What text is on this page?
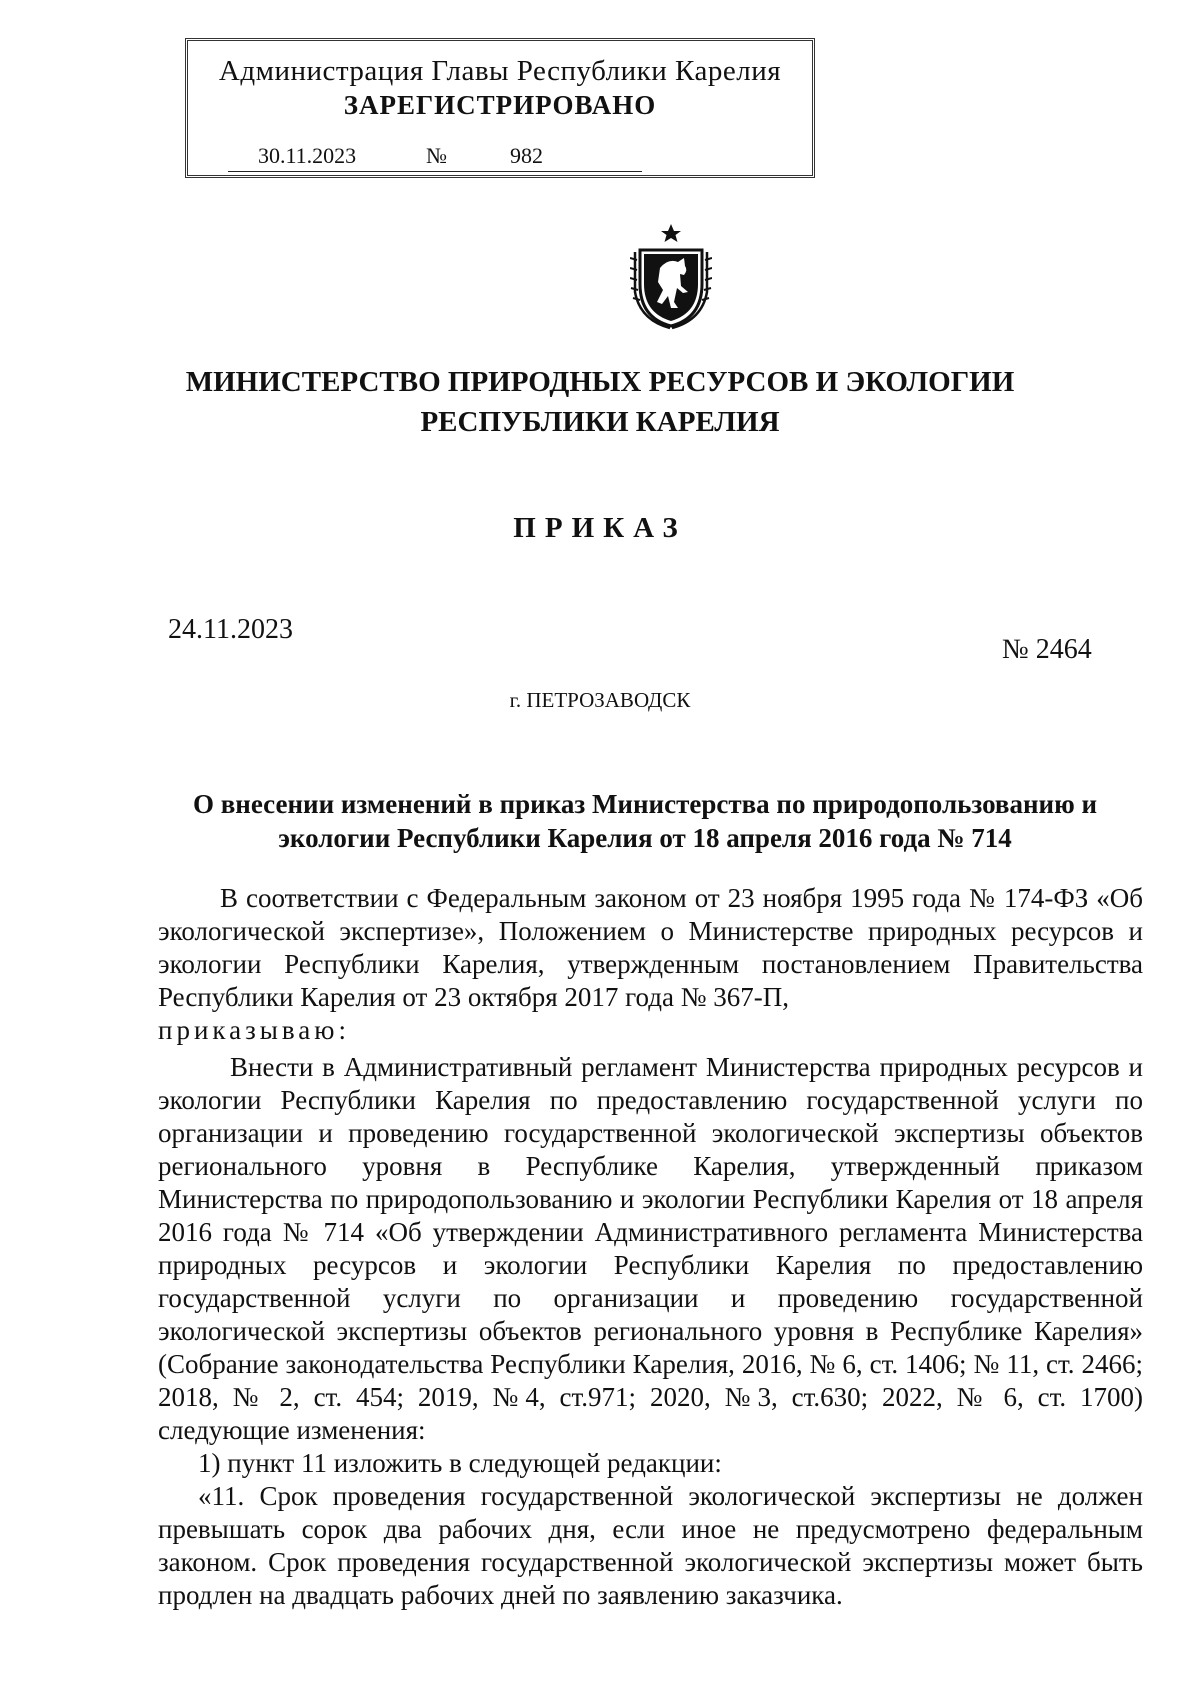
Администрация Главы Республики Карелия
ЗАРЕГИСТРИРОВАНО
30.11.2023	№	982
МИНИСТЕРСТВО ПРИРОДНЫХ РЕСУРСОВ И ЭКОЛОГИИ
РЕСПУБЛИКИ КАРЕЛИЯ
ПРИКАЗ
24.11.2023
№ 2464
г. ПЕТРОЗАВОДСК
О внесении изменений в приказ Министерства по природопользованию и
экологии Республики Карелия от 18 апреля 2016 года № 714

В соответствии с Федеральным законом от 23 ноября 1995 года № 174-ФЗ «Об экологической экспертизе», Положением о Министерстве природных ресурсов и экологии Республики Карелия, утвержденным постановлением Правительства Республики Карелия от 23 октября 2017 года № 367-П,

приказываю:

Внести в Административный регламент Министерства природных ресурсов и экологии Республики Карелия по предоставлению государственной услуги по организации и проведению государственной экологической экспертизы объектов регионального уровня в Республике Карелия, утвержденный приказом Министерства по природопользованию и экологии Республики Карелия от 18 апреля 2016 года № 714 «Об утверждении Административного регламента Министерства природных ресурсов и экологии Республики Карелия по предоставлению государственной услуги по организации и проведению государственной экологической экспертизы объектов регионального уровня в Республике Карелия» (Собрание законодательства Республики Карелия, 2016, № 6, ст. 1406; № 11, ст. 2466; 2018, № 2, ст. 454; 2019, №4, ст.971; 2020, №3, ст.630; 2022, № 6, ст. 1700) следующие изменения:

1) пункт 11 изложить в следующей редакции:

«11. Срок проведения государственной экологической экспертизы не должен превышать сорок два рабочих дня, если иное не предусмотрено федеральным законом. Срок проведения государственной экологической экспертизы может быть продлен на двадцать рабочих дней по заявлению заказчика.
